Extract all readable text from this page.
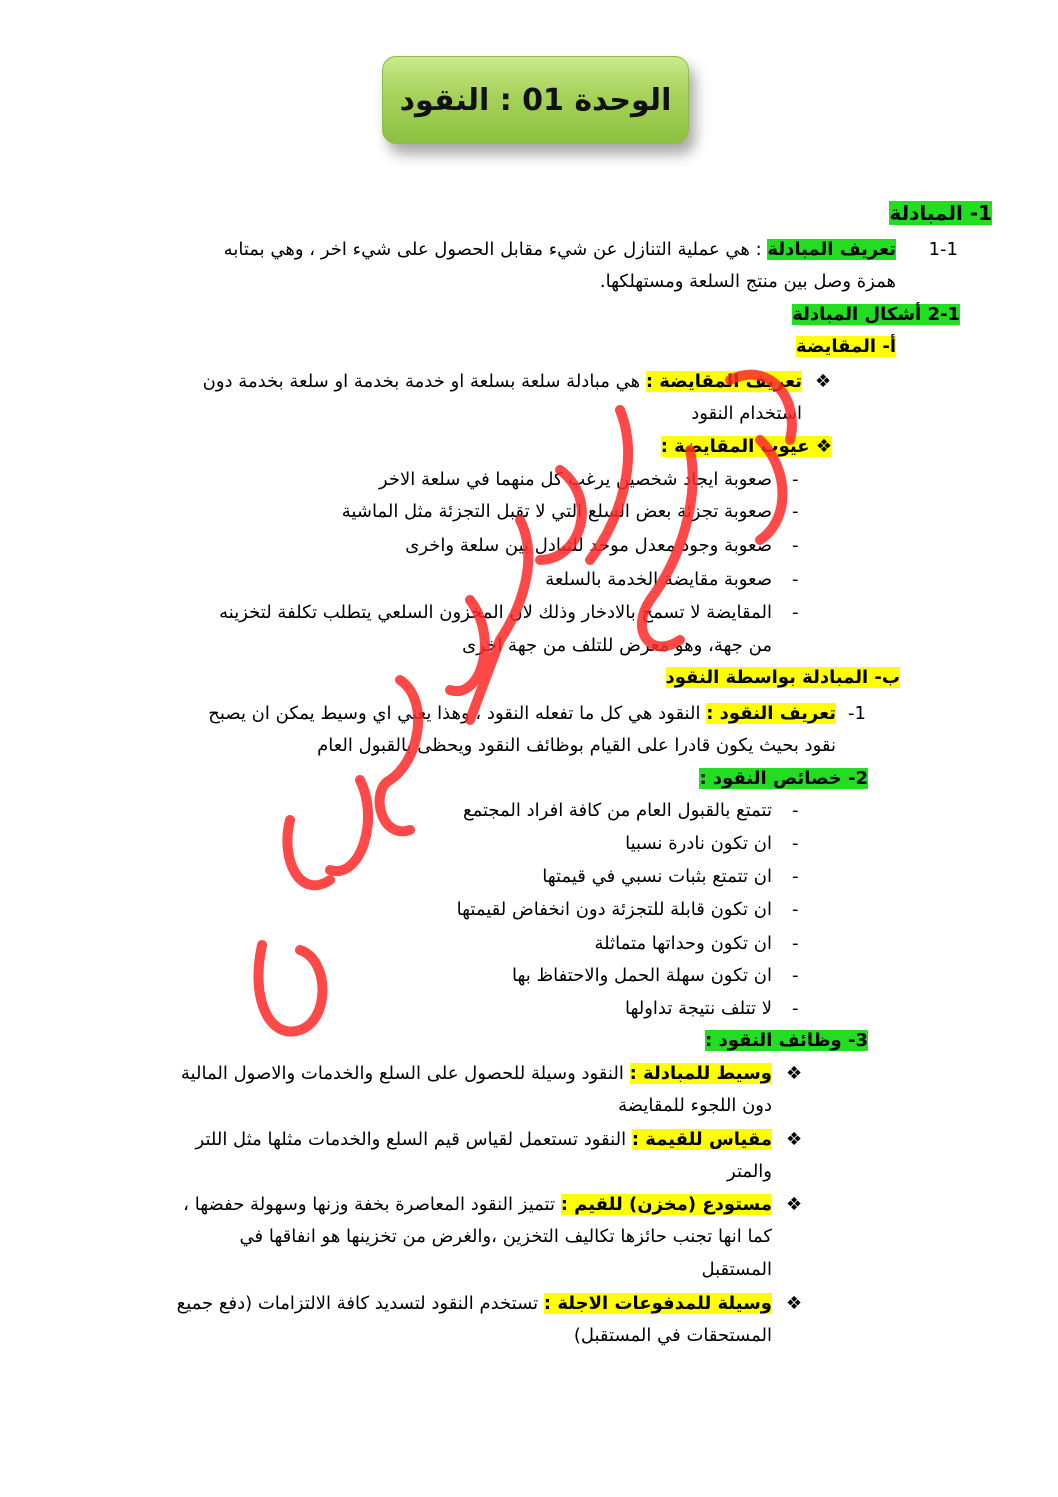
الوحدة 01 : النقود
1- المبادلة
1-1
تعريف المبادلة : هي عملية التنازل عن شيء مقابل الحصول على شيء اخر ، وهي بمتابه
همزة وصل بين منتج السلعة ومستهلكها.
2-1 أشكال المبادلة
أ- المقايضة
❖
تعريف المقايضة : هي مبادلة سلعة بسلعة او خدمة بخدمة او سلعة بخدمة دون
استخدام النقود
❖ عيوب المقايضة :
-
صعوبة ايجاد شخصين يرغب كل منهما في سلعة الاخر
-
صعوبة تجزئة بعض السلع التي لا تقبل التجزئة مثل الماشية
-
صعوبة وجود معدل موحد للتبادل بين سلعة واخرى
-
صعوبة مقايضة الخدمة بالسلعة
-
المقايضة لا تسمح بالادخار وذلك لان المخزون السلعي يتطلب تكلفة لتخزينه
من جهة، وهو معرض للتلف من جهة اخرى
ب- المبادلة بواسطة النقود
1-
تعريف النقود : النقود هي كل ما تفعله النقود ، وهذا يعني اي وسيط يمكن ان يصبح
نقود بحيث يكون قادرا على القيام بوظائف النقود ويحظى بالقبول العام
2- خصائص النقود :
-
تتمتع بالقبول العام من كافة افراد المجتمع
-
ان تكون نادرة نسبيا
-
ان تتمتع بثبات نسبي في قيمتها
-
ان تكون قابلة للتجزئة دون انخفاض لقيمتها
-
ان تكون وحداتها متماثلة
-
ان تكون سهلة الحمل والاحتفاظ بها
-
لا تتلف نتيجة تداولها
3- وظائف النقود :
❖
وسيط للمبادلة : النقود وسيلة للحصول على السلع والخدمات والاصول المالية
دون اللجوء للمقايضة
❖
مقياس للقيمة : النقود تستعمل لقياس قيم السلع والخدمات مثلها مثل اللتر
والمتر
❖
مستودع (مخزن) للقيم : تتميز النقود المعاصرة بخفة وزنها وسهولة حفضها ،
كما انها تجنب حائزها تكاليف التخزين ،والغرض من تخزينها هو انفاقها في
المستقبل
❖
وسيلة للمدفوعات الاجلة : تستخدم النقود لتسديد كافة الالتزامات (دفع جميع
المستحقات في المستقبل)
